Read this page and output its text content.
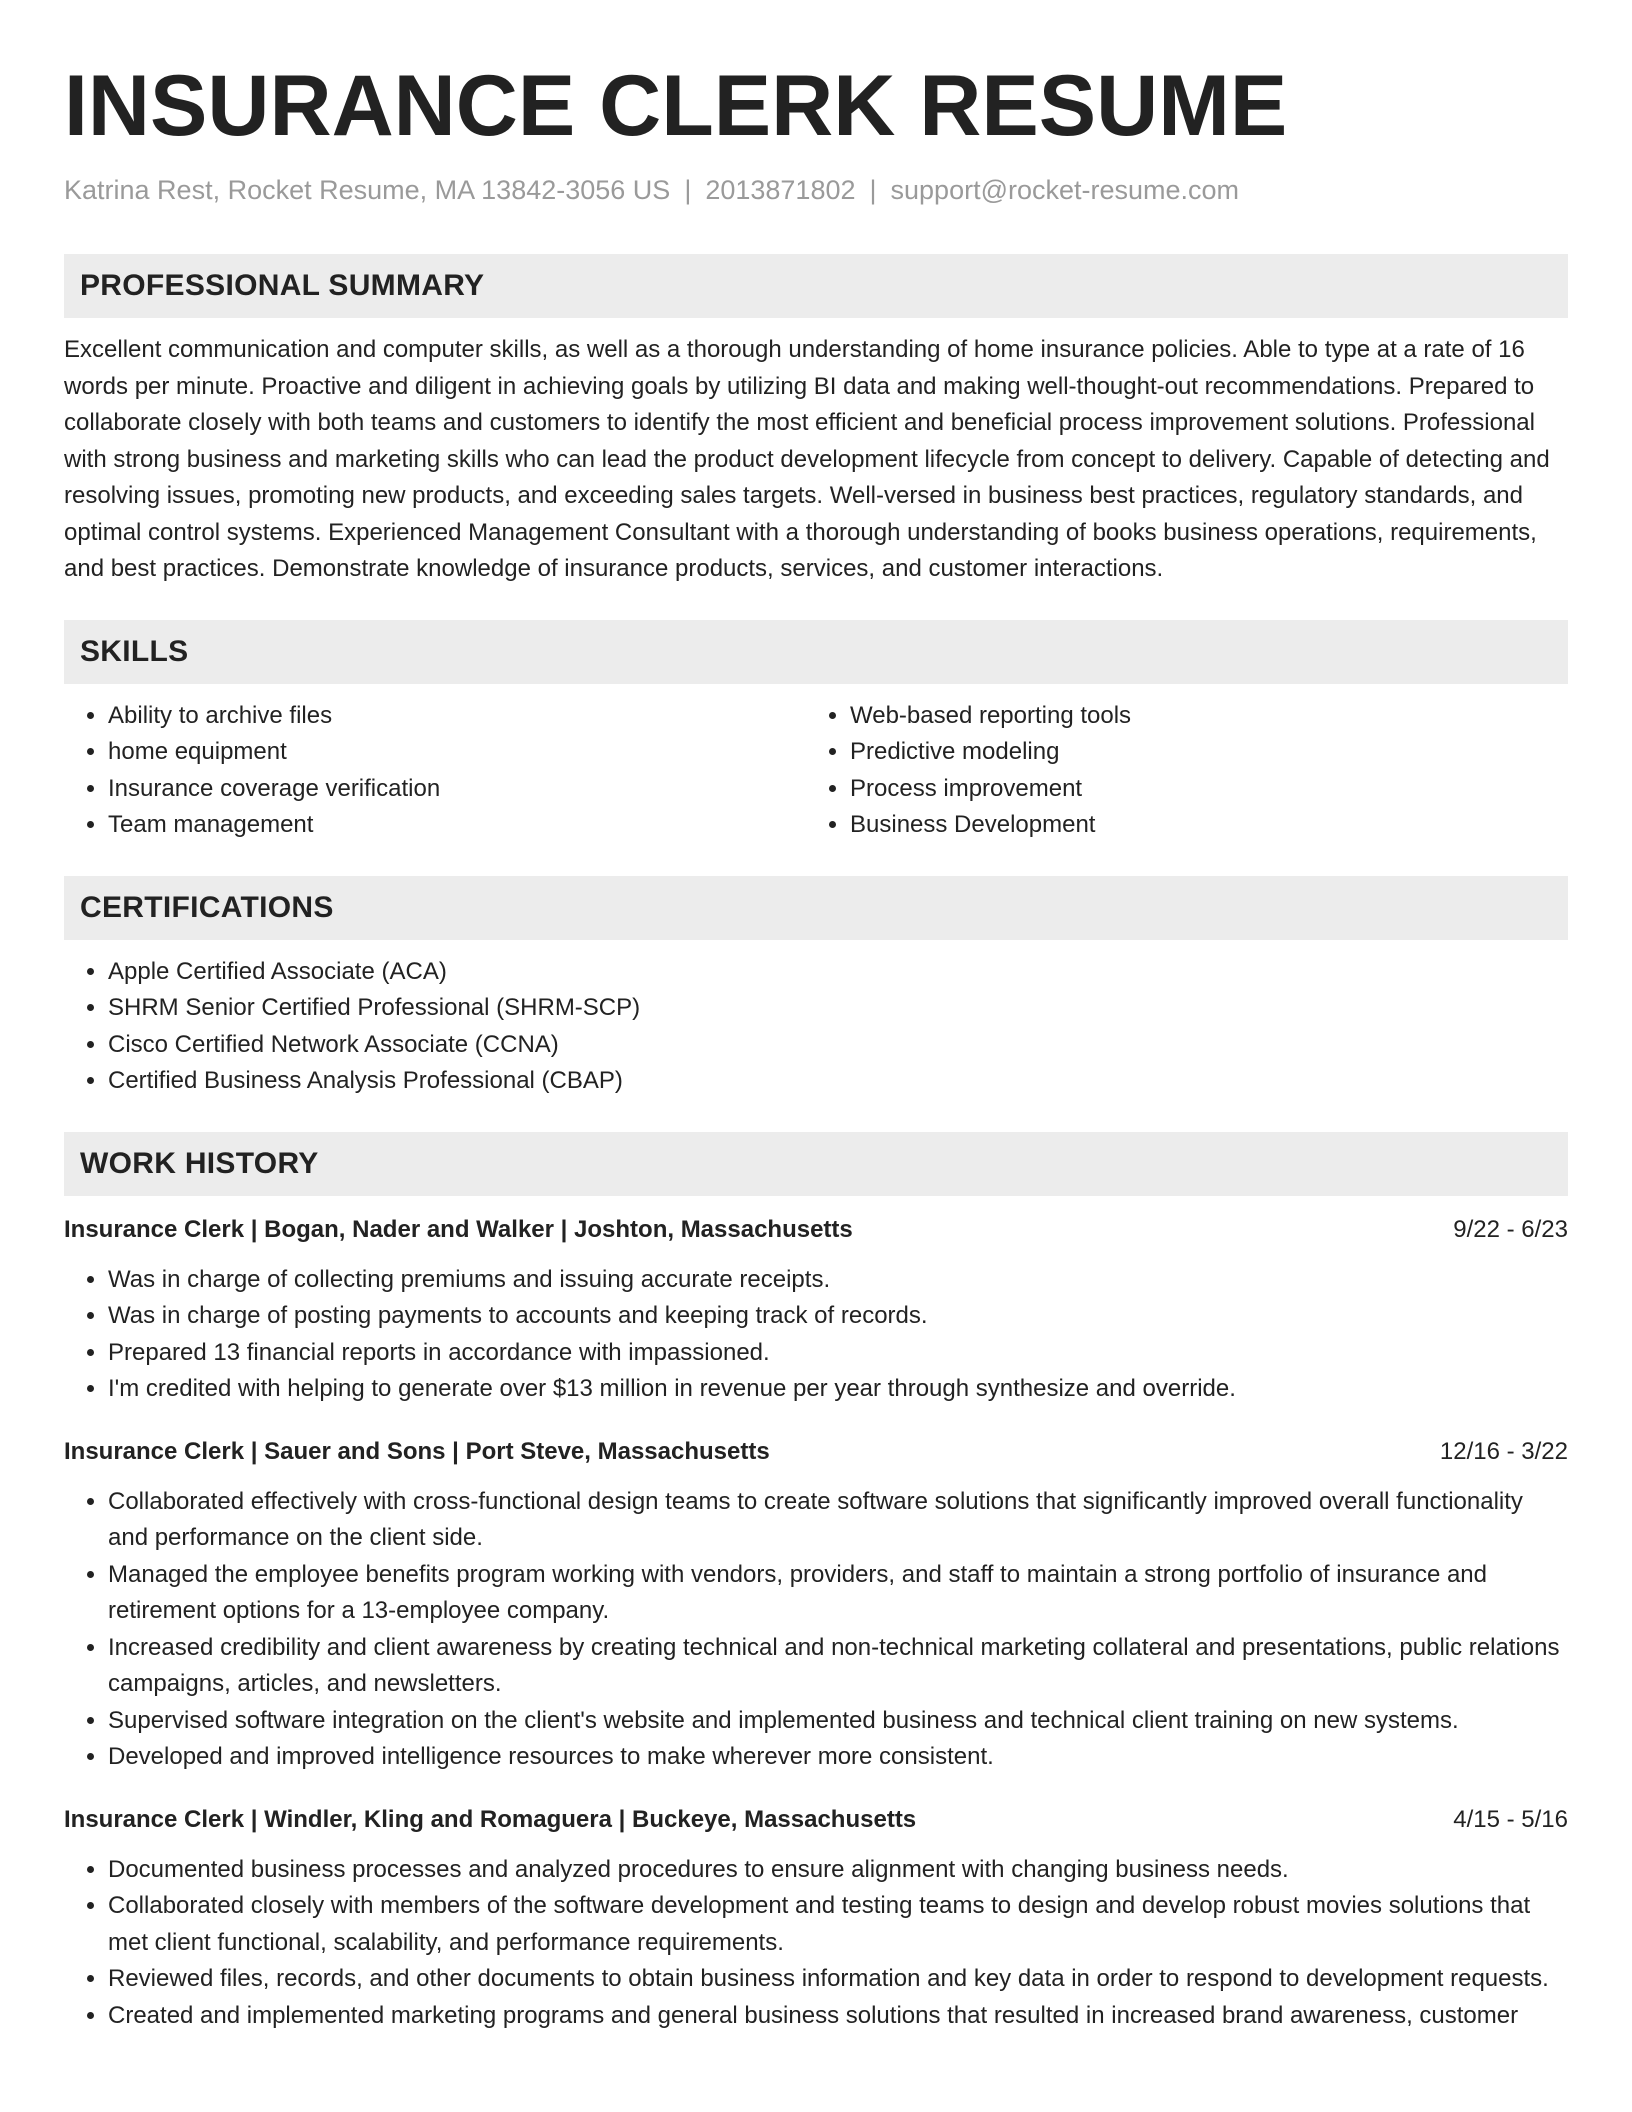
INSURANCE CLERK RESUME
Katrina Rest, Rocket Resume, MA 13842-3056 US | 2013871802 | support@rocket-resume.com
PROFESSIONAL SUMMARY

Excellent communication and computer skills, as well as a thorough understanding of home insurance policies. Able to type at a rate of 16 words per minute. Proactive and diligent in achieving goals by utilizing BI data and making well-thought-out recommendations. Prepared to collaborate closely with both teams and customers to identify the most efficient and beneficial process improvement solutions. Professional with strong business and marketing skills who can lead the product development lifecycle from concept to delivery. Capable of detecting and resolving issues, promoting new products, and exceeding sales targets. Well-versed in business best practices, regulatory standards, and optimal control systems. Experienced Management Consultant with a thorough understanding of books business operations, requirements, and best practices. Demonstrate knowledge of insurance products, services, and customer interactions.

SKILLS
• Ability to archive files
• home equipment
• Insurance coverage verification
• Team management
• Web-based reporting tools
• Predictive modeling
• Process improvement
• Business Development
CERTIFICATIONS
• Apple Certified Associate (ACA)
• SHRM Senior Certified Professional (SHRM-SCP)
• Cisco Certified Network Associate (CCNA)
• Certified Business Analysis Professional (CBAP)
WORK HISTORY
Insurance Clerk | Bogan, Nader and Walker | Joshton, Massachusetts	9/22 - 6/23
• Was in charge of collecting premiums and issuing accurate receipts.
• Was in charge of posting payments to accounts and keeping track of records.
• Prepared 13 financial reports in accordance with impassioned.
• I'm credited with helping to generate over $13 million in revenue per year through synthesize and override.
Insurance Clerk | Sauer and Sons | Port Steve, Massachusetts	12/16 - 3/22
• Collaborated effectively with cross-functional design teams to create software solutions that significantly improved overall functionality and performance on the client side.
• Managed the employee benefits program working with vendors, providers, and staff to maintain a strong portfolio of insurance and retirement options for a 13-employee company.
• Increased credibility and client awareness by creating technical and non-technical marketing collateral and presentations, public relations campaigns, articles, and newsletters.
• Supervised software integration on the client's website and implemented business and technical client training on new systems.
• Developed and improved intelligence resources to make wherever more consistent.
Insurance Clerk | Windler, Kling and Romaguera | Buckeye, Massachusetts	4/15 - 5/16
• Documented business processes and analyzed procedures to ensure alignment with changing business needs.
• Collaborated closely with members of the software development and testing teams to design and develop robust movies solutions that met client functional, scalability, and performance requirements.
• Reviewed files, records, and other documents to obtain business information and key data in order to respond to development requests.
• Created and implemented marketing programs and general business solutions that resulted in increased brand awareness, customer
